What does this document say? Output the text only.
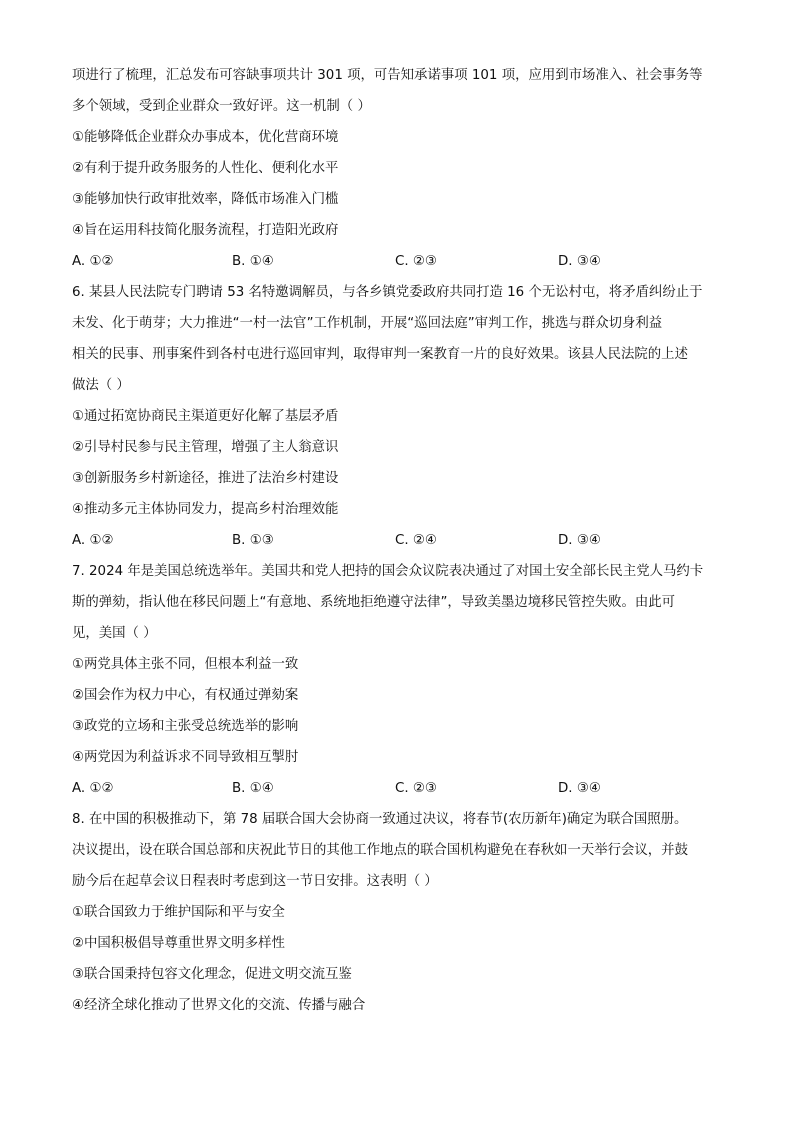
项进行了梳理，汇总发布可容缺事项共计 301 项，可告知承诺事项 101 项，应用到市场准入、社会事务等
多个领域，受到企业群众一致好评。这一机制（ ）
①能够降低企业群众办事成本，优化营商环境
②有利于提升政务服务的人性化、便利化水平
③能够加快行政审批效率，降低市场准入门槛
④旨在运用科技简化服务流程，打造阳光政府
A. ①②	B. ①④	C. ②③	D. ③④
6. 某县人民法院专门聘请 53 名特邀调解员，与各乡镇党委政府共同打造 16 个无讼村屯，将矛盾纠纷止于
未发、化于萌芽；大力推进“一村一法官”工作机制，开展“巡回法庭”审判工作，挑选与群众切身利益
相关的民事、刑事案件到各村屯进行巡回审判，取得审判一案教育一片的良好效果。该县人民法院的上述
做法（ ）
①通过拓宽协商民主渠道更好化解了基层矛盾
②引导村民参与民主管理，增强了主人翁意识
③创新服务乡村新途径，推进了法治乡村建设
④推动多元主体协同发力，提高乡村治理效能
A. ①②	B. ①③	C. ②④	D. ③④
7. 2024 年是美国总统选举年。美国共和党人把持的国会众议院表决通过了对国土安全部长民主党人马约卡
斯的弹劾，指认他在移民问题上“有意地、系统地拒绝遵守法律”，导致美墨边境移民管控失败。由此可
见，美国（ ）
①两党具体主张不同，但根本利益一致
②国会作为权力中心，有权通过弹劾案
③政党的立场和主张受总统选举的影响
④两党因为利益诉求不同导致相互掣肘
A. ①②	B. ①④	C. ②③	D. ③④
8. 在中国的积极推动下，第 78 届联合国大会协商一致通过决议，将春节(农历新年)确定为联合国照册。
决议提出，设在联合国总部和庆祝此节日的其他工作地点的联合国机构避免在春秋如一天举行会议，并鼓
励今后在起草会议日程表时考虑到这一节日安排。这表明（ ）
①联合国致力于维护国际和平与安全
②中国积极倡导尊重世界文明多样性
③联合国秉持包容文化理念，促进文明交流互鉴
④经济全球化推动了世界文化的交流、传播与融合
